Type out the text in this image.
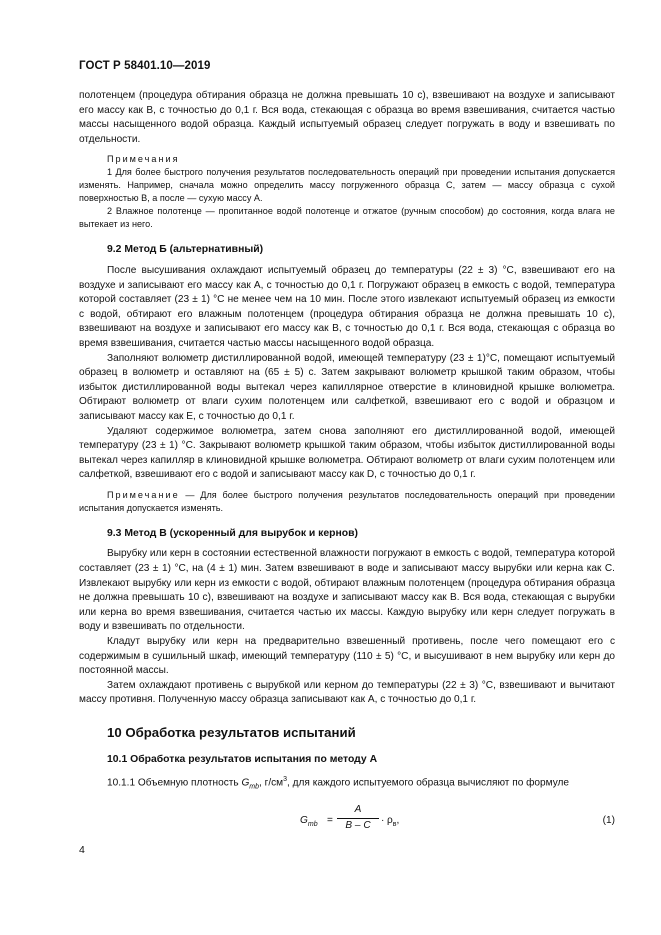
ГОСТ Р 58401.10—2019

полотенцем (процедура обтирания образца не должна превышать 10 с), взвешивают на воздухе и записывают его массу как B, с точностью до 0,1 г. Вся вода, стекающая с образца во время взвешивания, считается частью массы насыщенного водой образца. Каждый испытуемый образец следует погружать в воду и взвешивать по отдельности.

Примечания

1 Для более быстрого получения результатов последовательность операций при проведении испытания допускается изменять. Например, сначала можно определить массу погруженного образца C, затем — массу образца с сухой поверхностью B, а после — сухую массу A.

2 Влажное полотенце — пропитанное водой полотенце и отжатое (ручным способом) до состояния, когда влага не вытекает из него.

9.2 Метод Б (альтернативный)

После высушивания охлаждают испытуемый образец до температуры (22 ± 3) °C, взвешивают его на воздухе и записывают его массу как A, с точностью до 0,1 г. Погружают образец в емкость с водой, температура которой составляет (23 ± 1) °C не менее чем на 10 мин. После этого извлекают испытуемый образец из емкости с водой, обтирают его влажным полотенцем (процедура обтирания образца не должна превышать 10 с), взвешивают на воздухе и записывают его массу как B, с точностью до 0,1 г. Вся вода, стекающая с образца во время взвешивания, считается частью массы насыщенного водой образца.

Заполняют волюметр дистиллированной водой, имеющей температуру (23 ± 1)°C, помещают испытуемый образец в волюметр и оставляют на (65 ± 5) с. Затем закрывают волюметр крышкой таким образом, чтобы избыток дистиллированной воды вытекал через капиллярное отверстие в клиновидной крышке волюметра. Обтирают волюметр от влаги сухим полотенцем или салфеткой, взвешивают его с водой и образцом и записывают массу как E, с точностью до 0,1 г.

Удаляют содержимое волюметра, затем снова заполняют его дистиллированной водой, имеющей температуру (23 ± 1) °C. Закрывают волюметр крышкой таким образом, чтобы избыток дистиллированной воды вытекал через капилляр в клиновидной крышке волюметра. Обтирают волюметр от влаги сухим полотенцем или салфеткой, взвешивают его с водой и записывают массу как D, с точностью до 0,1 г.

Примечание — Для более быстрого получения результатов последовательность операций при проведении испытания допускается изменять.

9.3 Метод В (ускоренный для вырубок и кернов)

Вырубку или керн в состоянии естественной влажности погружают в емкость с водой, температура которой составляет (23 ± 1) °C, на (4 ± 1) мин. Затем взвешивают в воде и записывают массу вырубки или керна как C. Извлекают вырубку или керн из емкости с водой, обтирают влажным полотенцем (процедура обтирания образца не должна превышать 10 с), взвешивают на воздухе и записывают массу как B. Вся вода, стекающая с вырубки или керна во время взвешивания, считается частью их массы. Каждую вырубку или керн следует погружать в воду и взвешивать по отдельности.

Кладут вырубку или керн на предварительно взвешенный противень, после чего помещают его с содержимым в сушильный шкаф, имеющий температуру (110 ± 5) °C, и высушивают в нем вырубку или керн до постоянной массы.

Затем охлаждают противень с вырубкой или керном до температуры (22 ± 3) °C, взвешивают и вычитают массу противня. Полученную массу образца записывают как A, с точностью до 0,1 г.

10 Обработка результатов испытаний

10.1 Обработка результатов испытания по методу А

10.1.1 Объемную плотность $G_{mb}$, $г/см^3$, для каждого испытуемого образца вычисляют по формуле

$G_{mb} = \frac{A}{B - C} \cdot \rho_в$,	(1)
4
